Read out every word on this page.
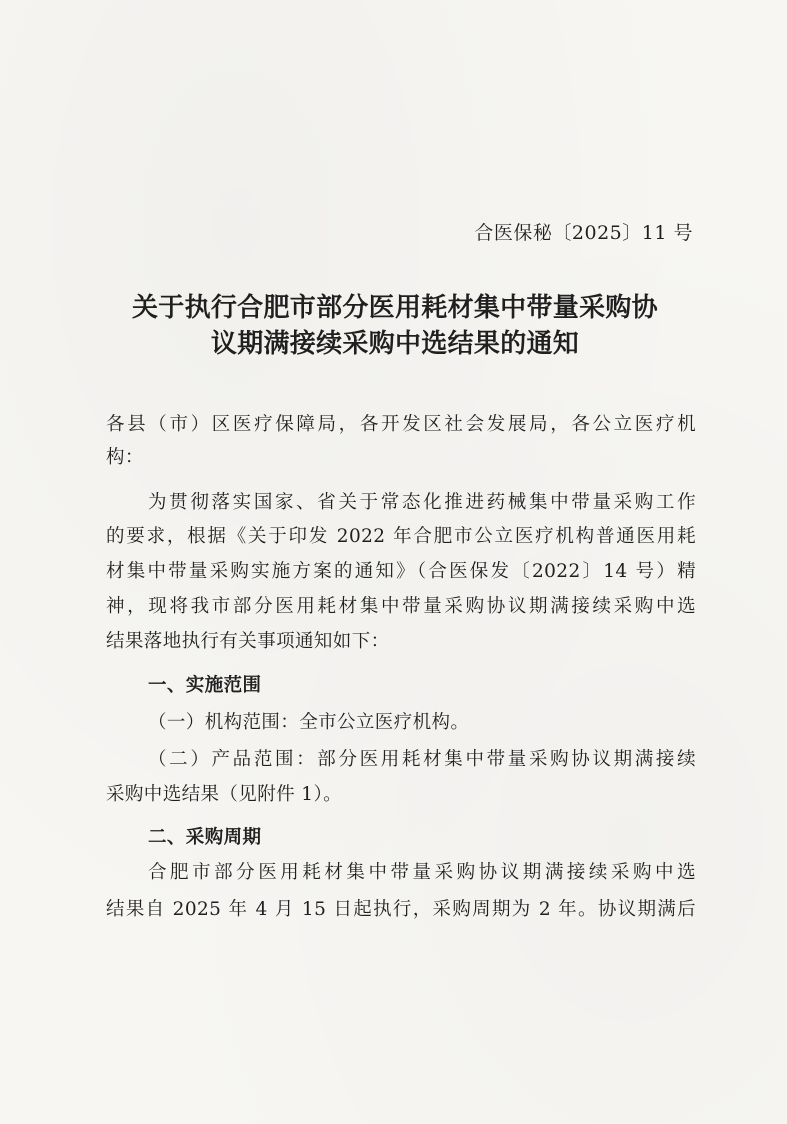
合医保秘〔2025〕11 号
关于执行合肥市部分医用耗材集中带量采购协
议期满接续采购中选结果的通知
各县（市）区医疗保障局，各开发区社会发展局，各公立医疗机
构：
为贯彻落实国家、省关于常态化推进药械集中带量采购工作
的要求，根据《关于印发 2022 年合肥市公立医疗机构普通医用耗
材集中带量采购实施方案的通知》（合医保发〔2022〕14 号）精
神，现将我市部分医用耗材集中带量采购协议期满接续采购中选
结果落地执行有关事项通知如下：
一、实施范围
（一）机构范围：全市公立医疗机构。
（二）产品范围：部分医用耗材集中带量采购协议期满接续
采购中选结果（见附件 1）。
二、采购周期
合肥市部分医用耗材集中带量采购协议期满接续采购中选
结果自 2025 年 4 月 15 日起执行，采购周期为 2 年。协议期满后
